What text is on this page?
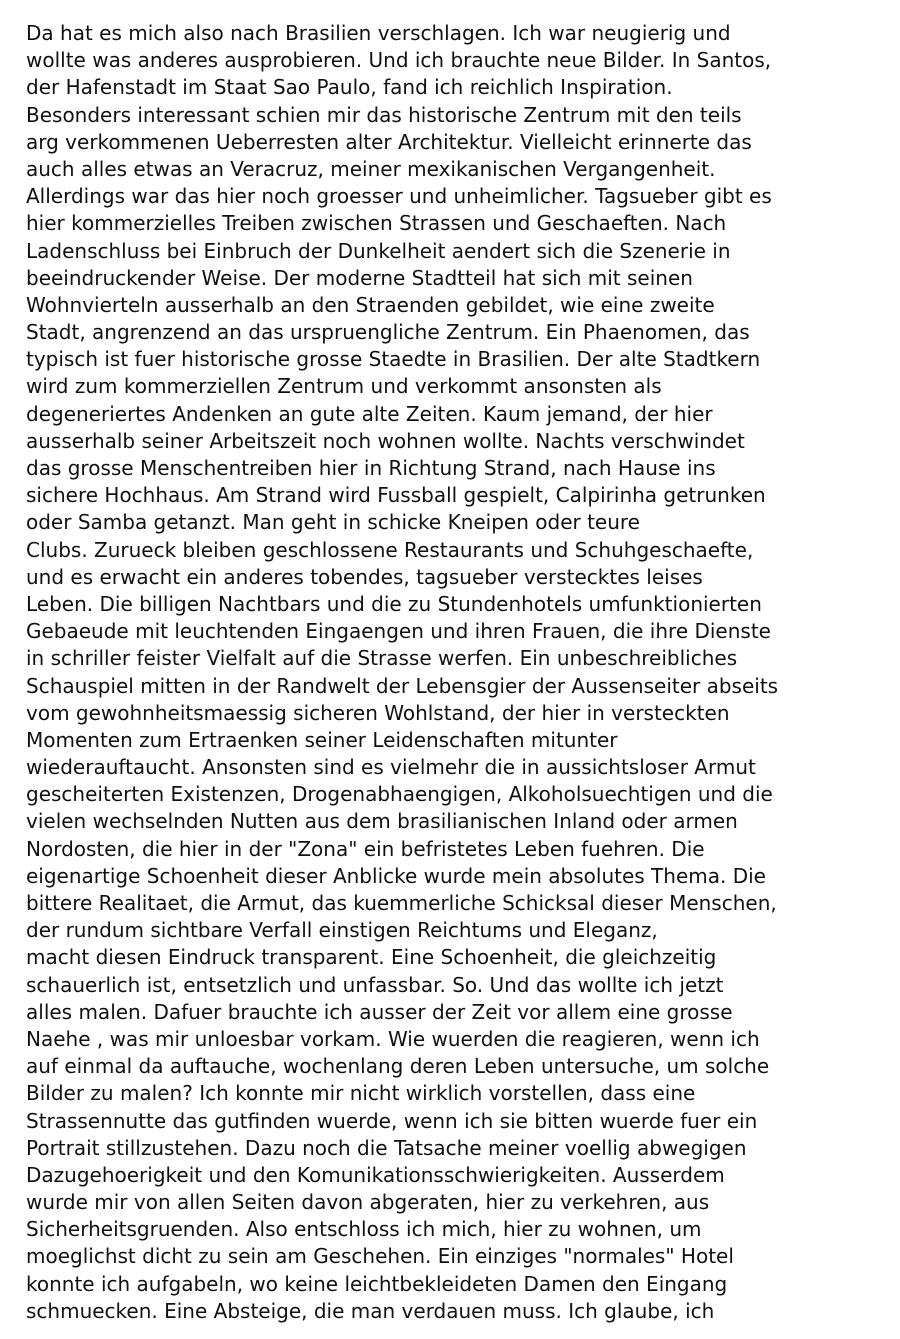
Da hat es mich also nach Brasilien verschlagen. Ich war neugierig und
wollte was anderes ausprobieren. Und ich brauchte neue Bilder. In Santos,
der Hafenstadt im Staat Sao Paulo, fand ich reichlich Inspiration.
Besonders interessant schien mir das historische Zentrum mit den teils
arg verkommenen Ueberresten alter Architektur. Vielleicht erinnerte das
auch alles etwas an Veracruz, meiner mexikanischen Vergangenheit.
Allerdings war das hier noch groesser und unheimlicher. Tagsueber gibt es
hier kommerzielles Treiben zwischen Strassen und Geschaeften. Nach
Ladenschluss bei Einbruch der Dunkelheit aendert sich die Szenerie in
beeindruckender Weise. Der moderne Stadtteil hat sich mit seinen
Wohnvierteln ausserhalb an den Straenden gebildet, wie eine zweite
Stadt, angrenzend an das urspruengliche Zentrum. Ein Phaenomen, das
typisch ist fuer historische grosse Staedte in Brasilien. Der alte Stadtkern
wird zum kommerziellen Zentrum und verkommt ansonsten als
degeneriertes Andenken an gute alte Zeiten. Kaum jemand, der hier
ausserhalb seiner Arbeitszeit noch wohnen wollte. Nachts verschwindet
das grosse Menschentreiben hier in Richtung Strand, nach Hause ins
sichere Hochhaus. Am Strand wird Fussball gespielt, Calpirinha getrunken
oder Samba getanzt. Man geht in schicke Kneipen oder teure
Clubs. Zurueck bleiben geschlossene Restaurants und Schuhgeschaefte,
und es erwacht ein anderes tobendes, tagsueber verstecktes leises
Leben. Die billigen Nachtbars und die zu Stundenhotels umfunktionierten
Gebaeude mit leuchtenden Eingaengen und ihren Frauen, die ihre Dienste
in schriller feister Vielfalt auf die Strasse werfen. Ein unbeschreibliches
Schauspiel mitten in der Randwelt der Lebensgier der Aussenseiter abseits
vom gewohnheitsmaessig sicheren Wohlstand, der hier in versteckten
Momenten zum Ertraenken seiner Leidenschaften mitunter
wiederauftaucht. Ansonsten sind es vielmehr die in aussichtsloser Armut
gescheiterten Existenzen, Drogenabhaengigen, Alkoholsuechtigen und die
vielen wechselnden Nutten aus dem brasilianischen Inland oder armen
Nordosten, die hier in der "Zona" ein befristetes Leben fuehren. Die
eigenartige Schoenheit dieser Anblicke wurde mein absolutes Thema. Die
bittere Realitaet, die Armut, das kuemmerliche Schicksal dieser Menschen,
der rundum sichtbare Verfall einstigen Reichtums und Eleganz,
macht diesen Eindruck transparent. Eine Schoenheit, die gleichzeitig
schauerlich ist, entsetzlich und unfassbar. So. Und das wollte ich jetzt
alles malen. Dafuer brauchte ich ausser der Zeit vor allem eine grosse
Naehe , was mir unloesbar vorkam. Wie wuerden die reagieren, wenn ich
auf einmal da auftauche, wochenlang deren Leben untersuche, um solche
Bilder zu malen? Ich konnte mir nicht wirklich vorstellen, dass eine
Strassennutte das gutfinden wuerde, wenn ich sie bitten wuerde fuer ein
Portrait stillzustehen. Dazu noch die Tatsache meiner voellig abwegigen
Dazugehoerigkeit und den Komunikationsschwierigkeiten. Ausserdem
wurde mir von allen Seiten davon abgeraten, hier zu verkehren, aus
Sicherheitsgruenden. Also entschloss ich mich, hier zu wohnen, um
moeglichst dicht zu sein am Geschehen. Ein einziges "normales" Hotel
konnte ich aufgabeln, wo keine leichtbekleideten Damen den Eingang
schmuecken. Eine Absteige, die man verdauen muss. Ich glaube, ich
